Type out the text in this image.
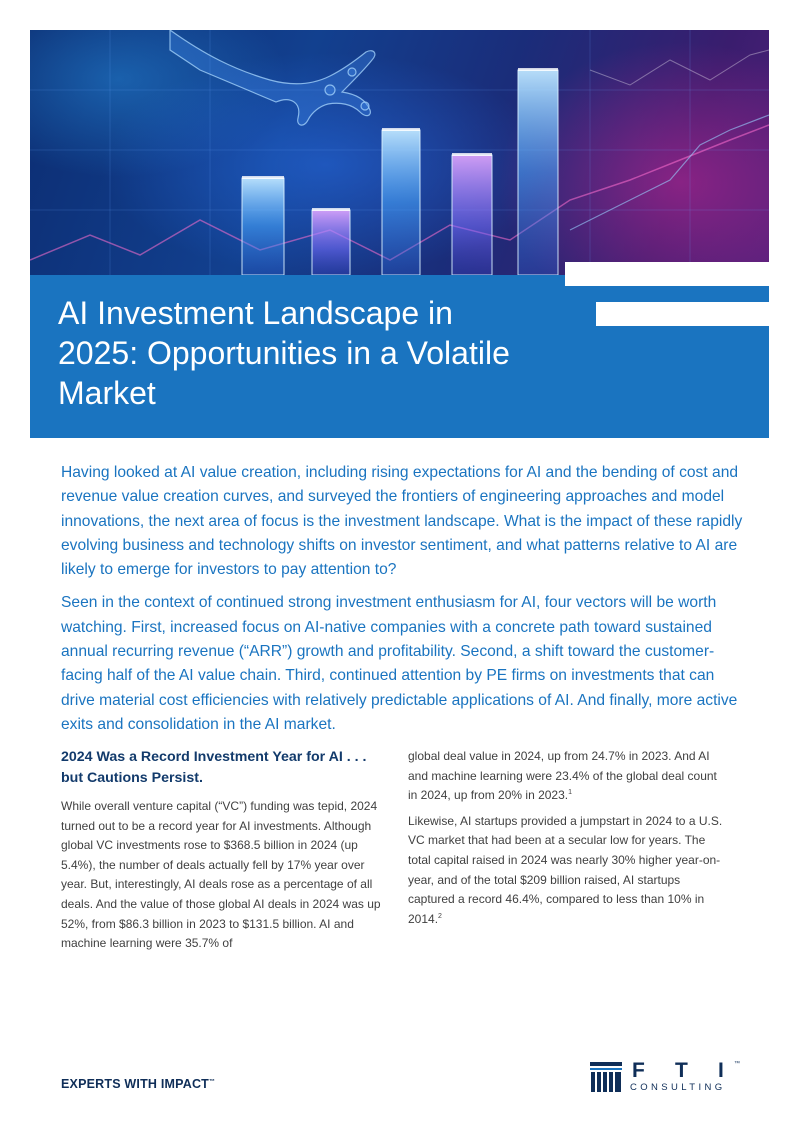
AI Investment Landscape in 2025: Opportunities in a Volatile Market

Having looked at AI value creation, including rising expectations for AI and the bending of cost and revenue value creation curves, and surveyed the frontiers of engineering approaches and model innovations, the next area of focus is the investment landscape. What is the impact of these rapidly evolving business and technology shifts on investor sentiment, and what patterns relative to AI are likely to emerge for investors to pay attention to?

Seen in the context of continued strong investment enthusiasm for AI, four vectors will be worth watching. First, increased focus on AI-native companies with a concrete path toward sustained annual recurring revenue (“ARR”) growth and profitability. Second, a shift toward the customer-facing half of the AI value chain. Third, continued attention by PE firms on investments that can drive material cost efficiencies with relatively predictable applications of AI. And finally, more active exits and consolidation in the AI market.

2024 Was a Record Investment Year for AI . . . but Cautions Persist.

While overall venture capital (“VC”) funding was tepid, 2024 turned out to be a record year for AI investments. Although global VC investments rose to $368.5 billion in 2024 (up 5.4%), the number of deals actually fell by 17% year over year. But, interestingly, AI deals rose as a percentage of all deals. And the value of those global AI deals in 2024 was up 52%, from $86.3 billion in 2023 to $131.5 billion. AI and machine learning were 35.7% of

global deal value in 2024, up from 24.7% in 2023. And AI and machine learning were 23.4% of the global deal count in 2024, up from 20% in 2023.$^1$

Likewise, AI startups provided a jumpstart in 2024 to a U.S. VC market that had been at a secular low for years. The total capital raised in 2024 was nearly 30% higher year-on-year, and of the total $209 billion raised, AI startups captured a record 46.4%, compared to less than 10% in 2014.$^2$

EXPERTS WITH IMPACT™	F T I ™
CONSULTING
